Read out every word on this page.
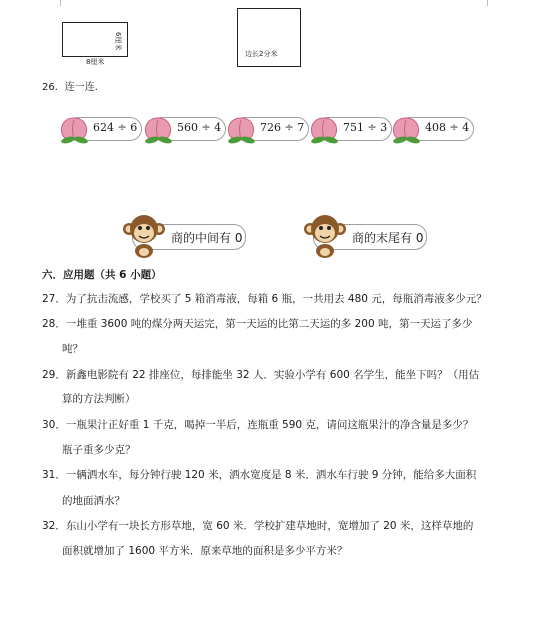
6厘米
8厘米
边长2分米
26．连一连．
624 ÷ 6	560 ÷ 4	726 ÷ 7	751 ÷ 3	408 ÷ 4
商的中间有 0	商的末尾有 0
六．应用题（共 6 小题）
27．为了抗击流感，学校买了 5 箱消毒液，每箱 6 瓶，一共用去 480 元，每瓶消毒液多少元？
28．一堆重 3600 吨的煤分两天运完，第一天运的比第二天运的多 200 吨，第一天运了多少
吨？
29．新鑫电影院有 22 排座位，每排能坐 32 人．实验小学有 600 名学生，能坐下吗？（用估
算的方法判断）
30．一瓶果汁正好重 1 千克，喝掉一半后，连瓶重 590 克，请问这瓶果汁的净含量是多少？
瓶子重多少克？
31．一辆洒水车，每分钟行驶 120 米，洒水宽度是 8 米．洒水车行驶 9 分钟，能给多大面积
的地面洒水？
32．东山小学有一块长方形草地，宽 60 米．学校扩建草地时，宽增加了 20 米，这样草地的
面积就增加了 1600 平方米．原来草地的面积是多少平方米？
